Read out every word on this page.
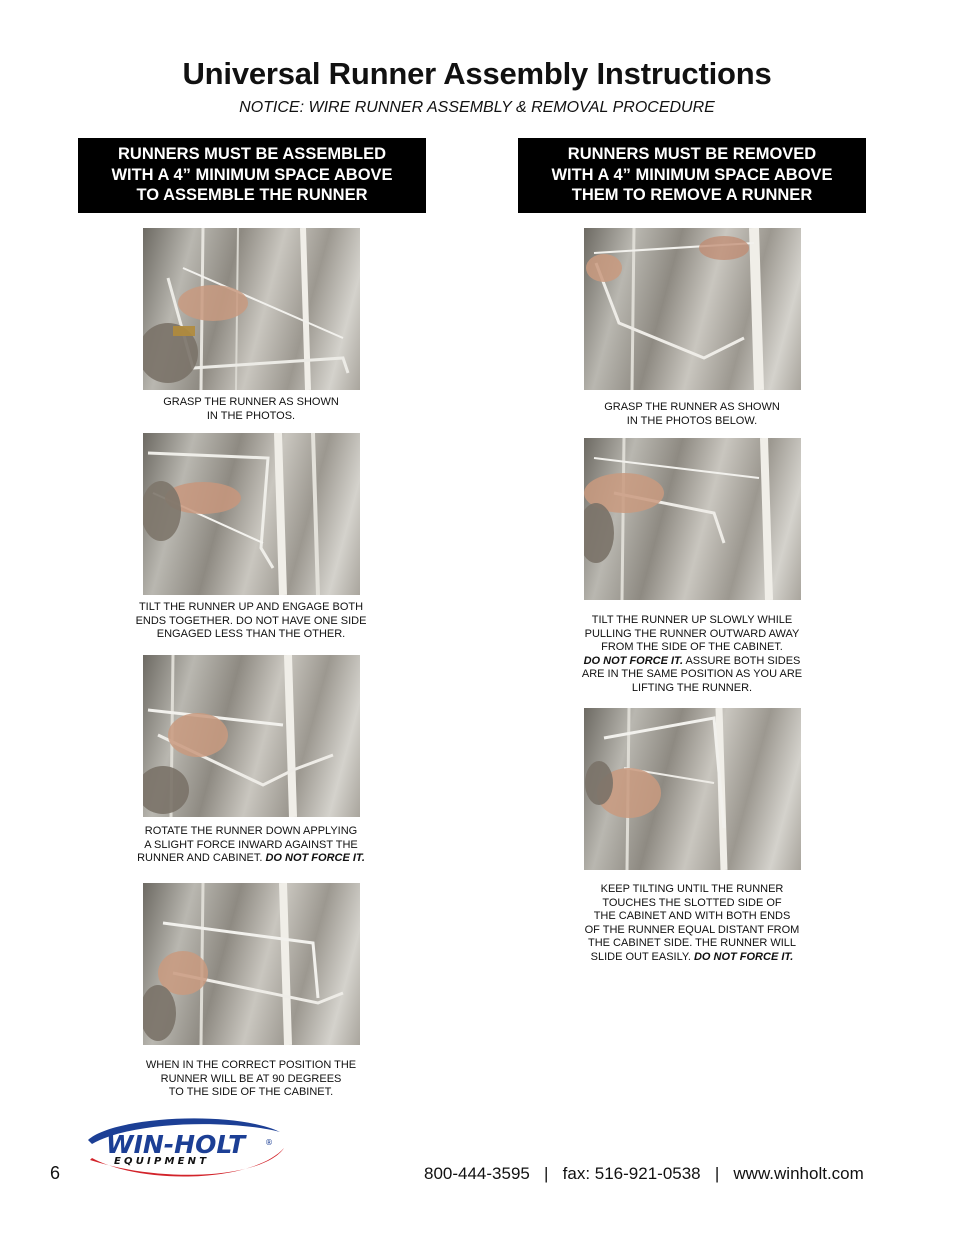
Universal Runner Assembly Instructions
NOTICE: WIRE RUNNER ASSEMBLY & REMOVAL PROCEDURE
RUNNERS MUST BE ASSEMBLED
WITH A 4” MINIMUM SPACE ABOVE
TO ASSEMBLE THE RUNNER
GRASP THE RUNNER AS SHOWN
IN THE PHOTOS.
TILT THE RUNNER UP AND ENGAGE BOTH
ENDS TOGETHER. DO NOT HAVE ONE SIDE
ENGAGED LESS THAN THE OTHER.
ROTATE THE RUNNER DOWN APPLYING
A SLIGHT FORCE INWARD AGAINST THE
RUNNER AND CABINET. DO NOT FORCE IT.
WHEN IN THE CORRECT POSITION THE
RUNNER WILL BE AT 90 DEGREES
TO THE SIDE OF THE CABINET.
RUNNERS MUST BE REMOVED
WITH A 4” MINIMUM SPACE ABOVE
THEM TO REMOVE A RUNNER
GRASP THE RUNNER AS SHOWN
IN THE PHOTOS BELOW.
TILT THE RUNNER UP SLOWLY WHILE
PULLING THE RUNNER OUTWARD AWAY
FROM THE SIDE OF THE CABINET.
DO NOT FORCE IT. ASSURE BOTH SIDES
ARE IN THE SAME POSITION AS YOU ARE
LIFTING THE RUNNER.
KEEP TILTING UNTIL THE RUNNER
TOUCHES THE SLOTTED SIDE OF
THE CABINET AND WITH BOTH ENDS
OF THE RUNNER EQUAL DISTANT FROM
THE CABINET SIDE. THE RUNNER WILL
SLIDE OUT EASILY. DO NOT FORCE IT.
WIN-HOLT ®
EQUIPMENT
6	800-444-3595 | fax: 516-921-0538 | www.winholt.com
